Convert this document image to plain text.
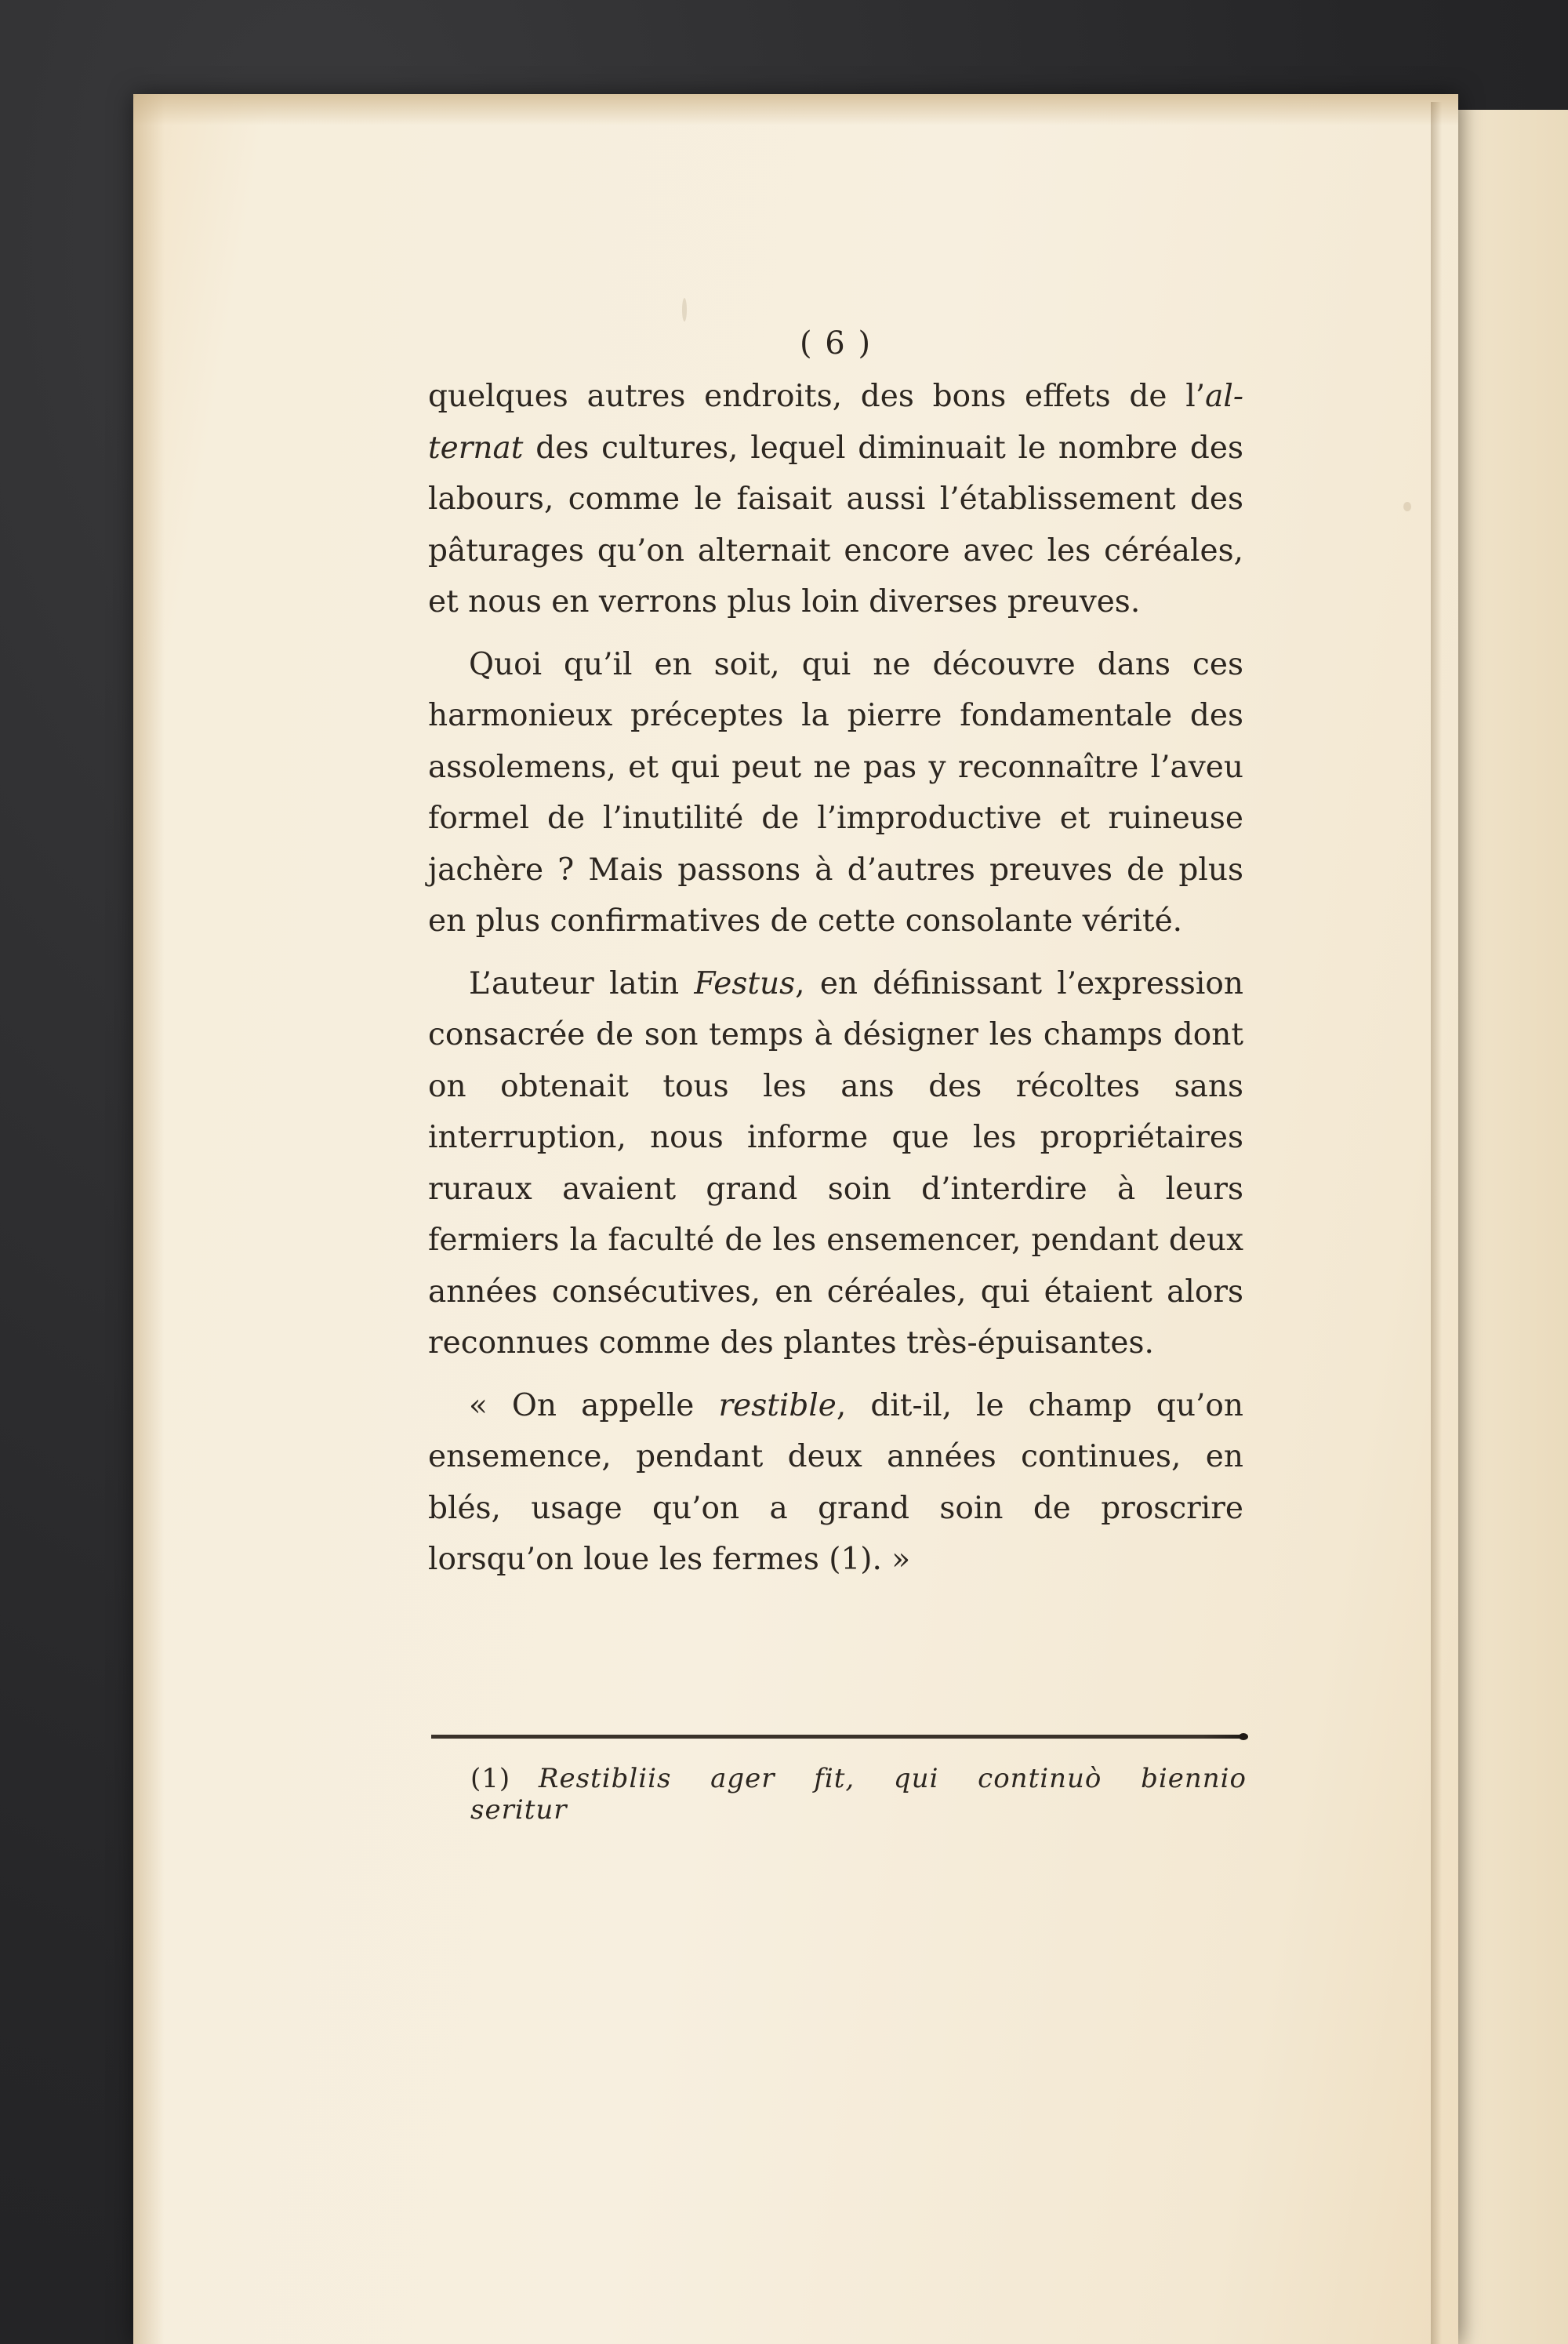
( 6 )

quelques autres endroits, des bons effets de l’al-ternat des cultures, lequel diminuait le nombre des labours, comme le faisait aussi l’établissement des pâturages qu’on alternait encore avec les céréales, et nous en verrons plus loin diverses preuves.

Quoi qu’il en soit, qui ne découvre dans ces harmonieux préceptes la pierre fondamentale des assolemens, et qui peut ne pas y reconnaître l’aveu formel de l’inutilité de l’improductive et ruineuse jachère ? Mais passons à d’autres preuves de plus en plus confirmatives de cette consolante vérité.

L’auteur latin Festus, en définissant l’expression consacrée de son temps à désigner les champs dont on obtenait tous les ans des récoltes sans interruption, nous informe que les propriétaires ruraux avaient grand soin d’interdire à leurs fermiers la faculté de les ensemencer, pendant deux années consécutives, en céréales, qui étaient alors reconnues comme des plantes très-épuisantes.

« On appelle restible, dit-il, le champ qu’on ensemence, pendant deux années continues, en blés, usage qu’on a grand soin de proscrire lorsqu’on loue les fermes (1). »

(1) Restibliis ager fit, qui continuò biennio seritur
